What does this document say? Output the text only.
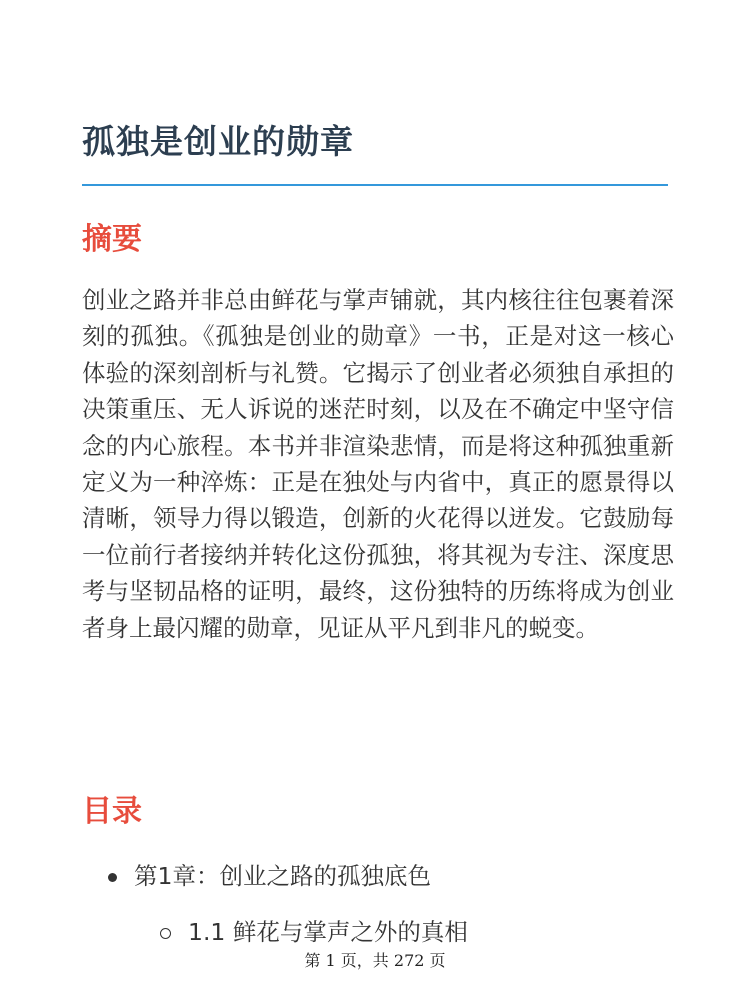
孤独是创业的勋章
摘要

创业之路并非总由鲜花与掌声铺就，其内核往往包裹着深刻的孤独。《孤独是创业的勋章》一书，正是对这一核心体验的深刻剖析与礼赞。它揭示了创业者必须独自承担的决策重压、无人诉说的迷茫时刻，以及在不确定中坚守信念的内心旅程。本书并非渲染悲情，而是将这种孤独重新定义为一种淬炼：正是在独处与内省中，真正的愿景得以清晰，领导力得以锻造，创新的火花得以迸发。它鼓励每一位前行者接纳并转化这份孤独，将其视为专注、深度思考与坚韧品格的证明，最终，这份独特的历练将成为创业者身上最闪耀的勋章，见证从平凡到非凡的蜕变。

目录
第1章：创业之路的孤独底色
1.1 鲜花与掌声之外的真相
第 1 页，共 272 页
